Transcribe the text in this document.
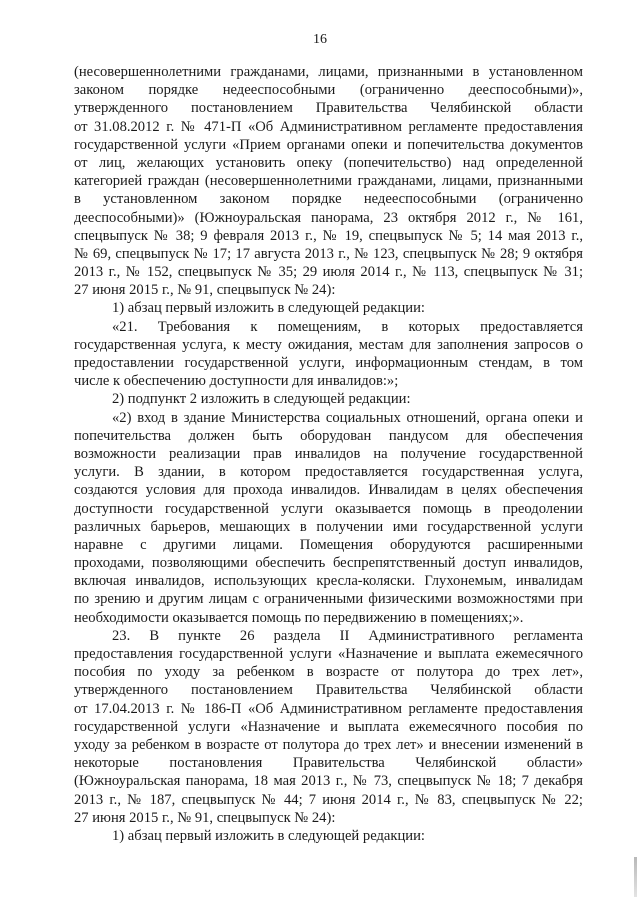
16
(несовершеннолетними гражданами, лицами, признанными в установленном
законом порядке недееспособными (ограниченно дееспособными)»,
утвержденного постановлением Правительства Челябинской области
от 31.08.2012 г. № 471-П «Об Административном регламенте предоставления
государственной услуги «Прием органами опеки и попечительства документов
от лиц, желающих установить опеку (попечительство) над определенной
категорией граждан (несовершеннолетними гражданами, лицами, признанными
в установленном законом порядке недееспособными (ограниченно
дееспособными)» (Южноуральская панорама, 23 октября 2012 г., № 161,
спецвыпуск № 38; 9 февраля 2013 г., № 19, спецвыпуск № 5; 14 мая 2013 г.,
№ 69, спецвыпуск № 17; 17 августа 2013 г., № 123, спецвыпуск № 28; 9 октября
2013 г., № 152, спецвыпуск № 35; 29 июля 2014 г., № 113, спецвыпуск № 31;
27 июня 2015 г., № 91, спецвыпуск № 24):
1) абзац первый изложить в следующей редакции:
«21. Требования к помещениям, в которых предоставляется
государственная услуга, к месту ожидания, местам для заполнения запросов о
предоставлении государственной услуги, информационным стендам, в том
числе к обеспечению доступности для инвалидов:»;
2) подпункт 2 изложить в следующей редакции:
«2) вход в здание Министерства социальных отношений, органа опеки и
попечительства должен быть оборудован пандусом для обеспечения
возможности реализации прав инвалидов на получение государственной
услуги. В здании, в котором предоставляется государственная услуга,
создаются условия для прохода инвалидов. Инвалидам в целях обеспечения
доступности государственной услуги оказывается помощь в преодолении
различных барьеров, мешающих в получении ими государственной услуги
наравне с другими лицами. Помещения оборудуются расширенными
проходами, позволяющими обеспечить беспрепятственный доступ инвалидов,
включая инвалидов, использующих кресла-коляски. Глухонемым, инвалидам
по зрению и другим лицам с ограниченными физическими возможностями при
необходимости оказывается помощь по передвижению в помещениях;».
23. В пункте 26 раздела II Административного регламента
предоставления государственной услуги «Назначение и выплата ежемесячного
пособия по уходу за ребенком в возрасте от полутора до трех лет»,
утвержденного постановлением Правительства Челябинской области
от 17.04.2013 г. № 186-П «Об Административном регламенте предоставления
государственной услуги «Назначение и выплата ежемесячного пособия по
уходу за ребенком в возрасте от полутора до трех лет» и внесении изменений в
некоторые постановления Правительства Челябинской области»
(Южноуральская панорама, 18 мая 2013 г., № 73, спецвыпуск № 18; 7 декабря
2013 г., № 187, спецвыпуск № 44; 7 июня 2014 г., № 83, спецвыпуск № 22;
27 июня 2015 г., № 91, спецвыпуск № 24):
1) абзац первый изложить в следующей редакции:
